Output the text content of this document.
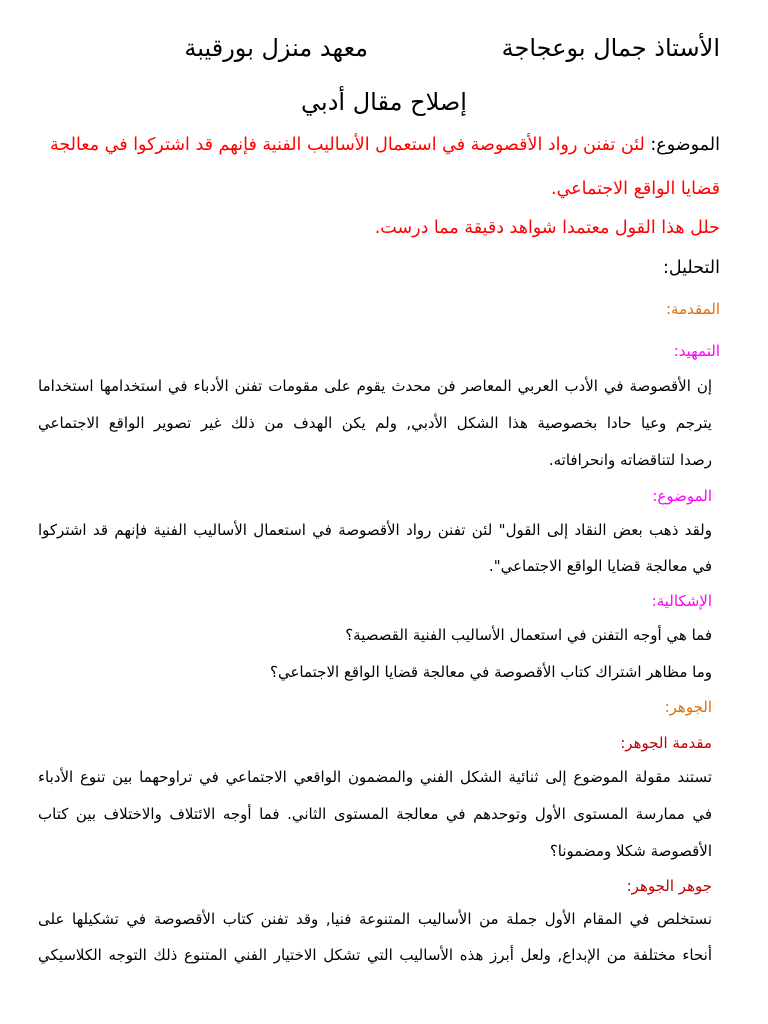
الأستاذ جمال بوعجاجة
معهد منزل بورقيبة
إصلاح مقال أدبي
الموضوع: لئن تفنن رواد الأقصوصة في استعمال الأساليب الفنية فإنهم قد اشتركوا في معالجة
قضايا الواقع الاجتماعي.
حلل هذا القول معتمدا شواهد دقيقة مما درست.
التحليل:
المقدمة:
التمهيد:
إن الأقصوصة في الأدب العربي المعاصر فن محدث يقوم على مقومات تفنن الأدباء في استخدامها استخداما
يترجم وعيا حادا بخصوصية هذا الشكل الأدبي, ولم يكن الهدف من ذلك غير تصوير الواقع الاجتماعي
رصدا لتناقضاته وانحرافاته.
الموضوع:
ولقد ذهب بعض النقاد إلى القول" لئن تفنن رواد الأقصوصة في استعمال الأساليب الفنية فإنهم قد اشتركوا
في معالجة قضايا الواقع الاجتماعي".
الإشكالية:
فما هي أوجه التفنن في استعمال الأساليب الفنية القصصية؟
وما مظاهر اشتراك كتاب الأقصوصة في معالجة قضايا الواقع الاجتماعي؟
الجوهر:
مقدمة الجوهر:
تستند مقولة الموضوع إلى ثنائية الشكل الفني والمضمون الواقعي الاجتماعي في تراوحهما بين تنوع الأدباء
في ممارسة المستوى الأول وتوحدهم في معالجة المستوى الثاني. فما أوجه الائتلاف والاختلاف بين كتاب
الأقصوصة شكلا ومضمونا؟
جوهر الجوهر:
نستخلص في المقام الأول جملة من الأساليب المتنوعة فنيا, وقد تفنن كتاب الأقصوصة في تشكيلها على
أنحاء مختلفة من الإبداع, ولعل أبرز هذه الأساليب التي تشكل الاختيار الفني المتنوع ذلك التوجه الكلاسيكي
